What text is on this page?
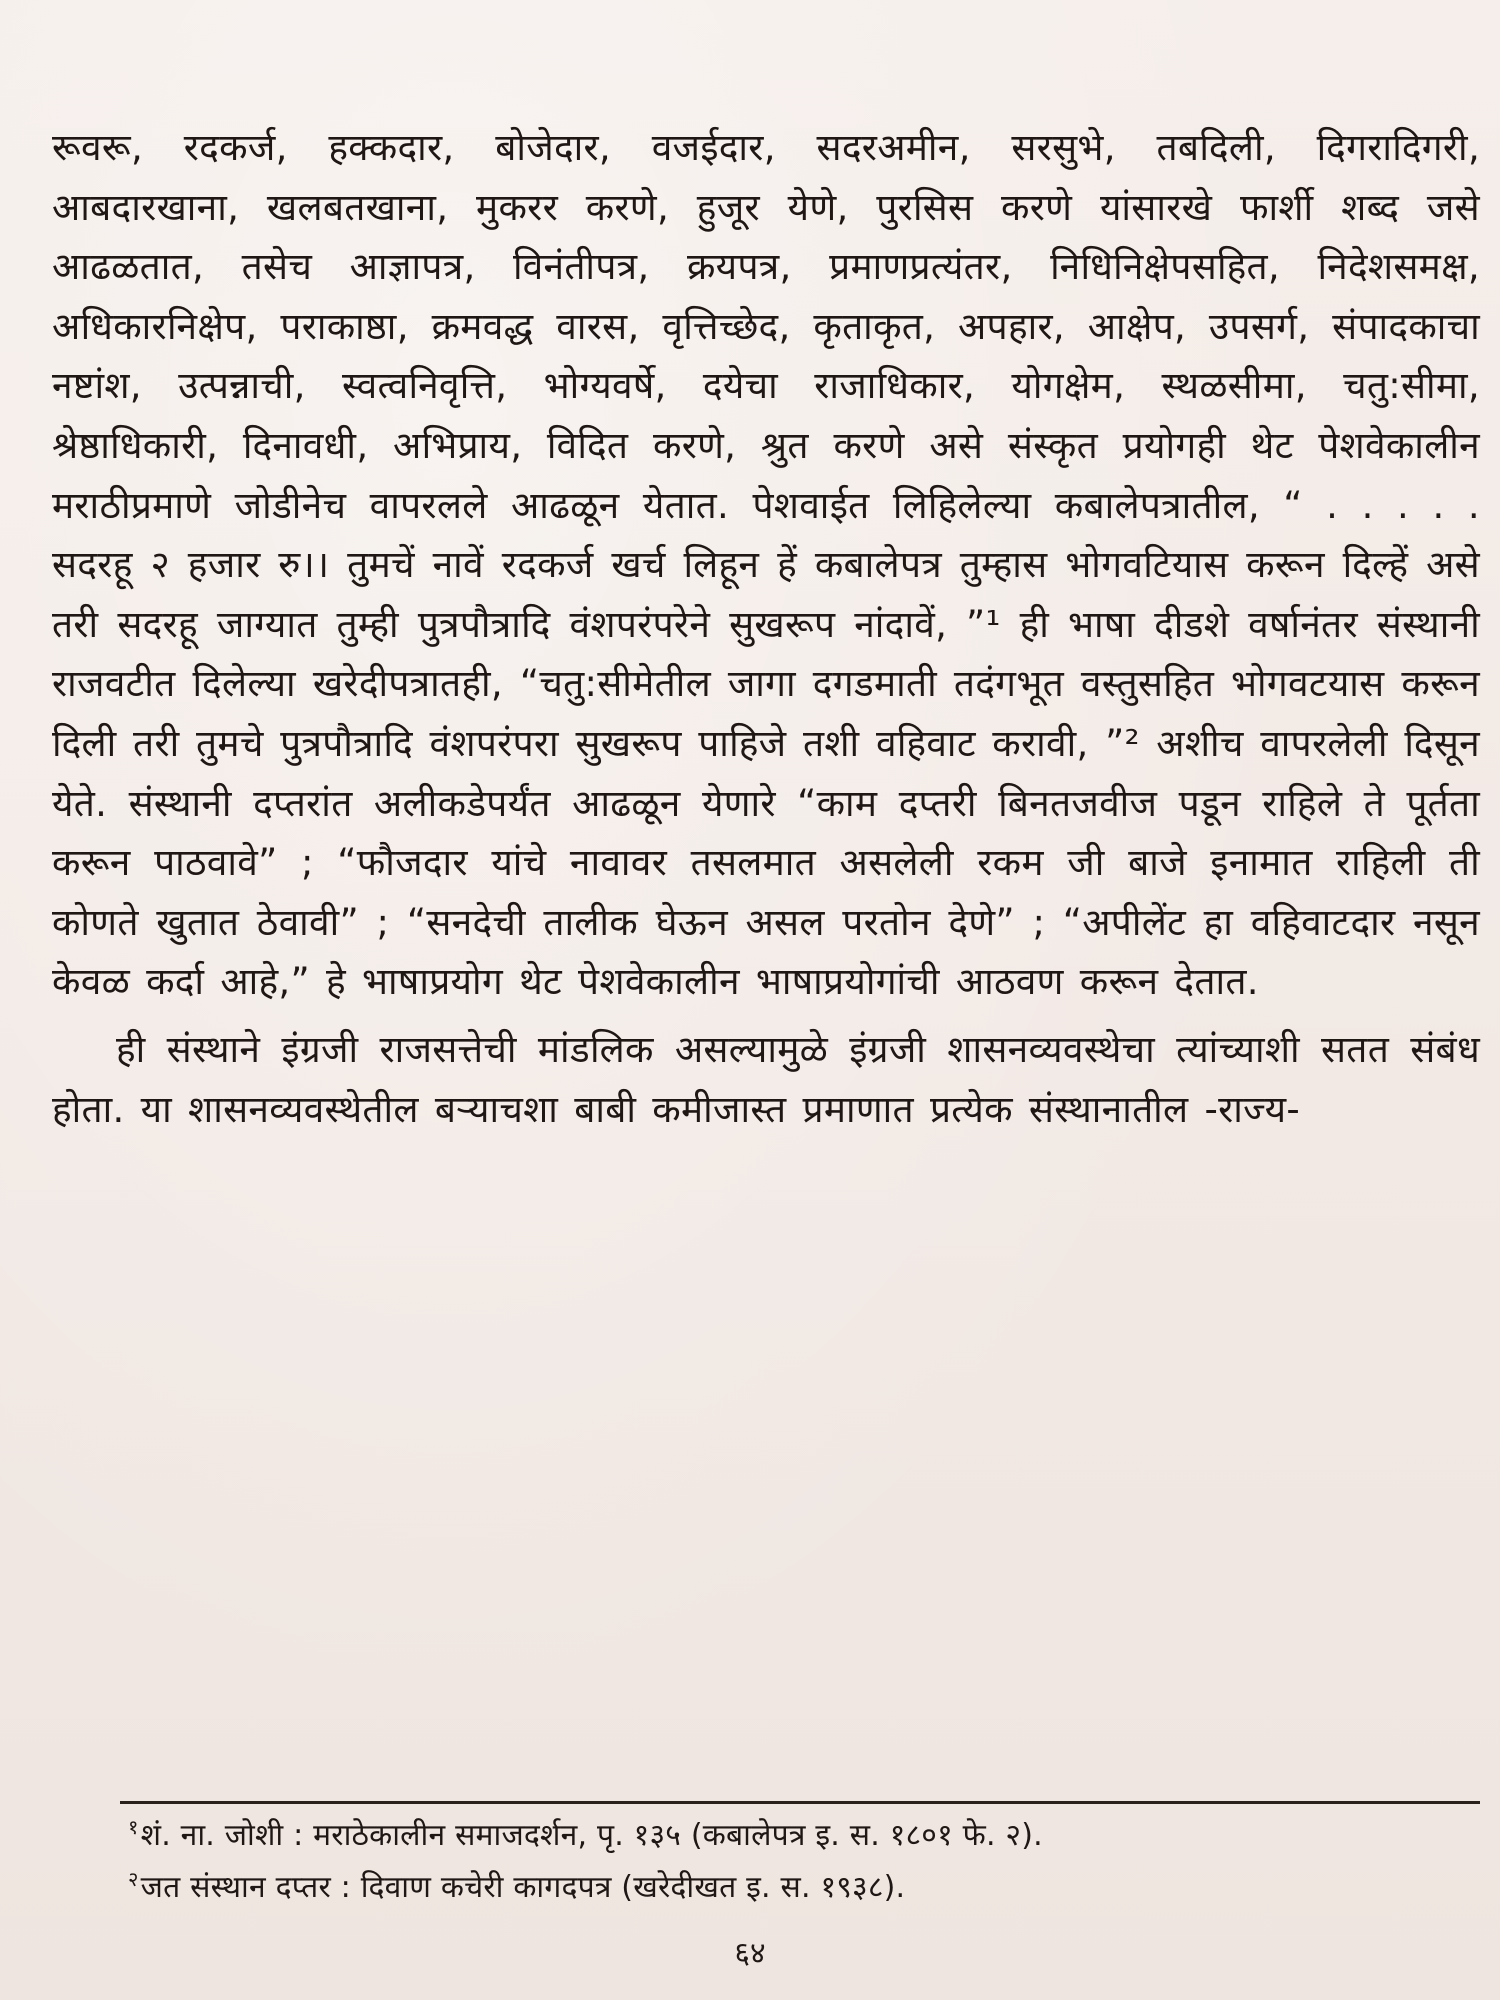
रूवरू, रदकर्ज, हक्कदार, बोजेदार, वजईदार, सदरअमीन, सरसुभे, तबदिली, दिगरादिगरी, आबदारखाना, खलबतखाना, मुकरर करणे, हुजूर येणे, पुरसिस करणे यांसारखे फार्शी शब्द जसे आढळतात, तसेच आज्ञापत्र, विनंतीपत्र, क्रयपत्र, प्रमाणप्रत्यंतर, निधिनिक्षेपसहित, निदेशसमक्ष, अधिकारनिक्षेप, पराकाष्ठा, क्रमवद्ध वारस, वृत्तिच्छेद, कृताकृत, अपहार, आक्षेप, उपसर्ग, संपादकाचा नष्टांश, उत्पन्नाची, स्वत्वनिवृत्ति, भोग्यवर्षे, दयेचा राजाधिकार, योगक्षेम, स्थळसीमा, चतु:सीमा, श्रेष्ठाधिकारी, दिनावधी, अभिप्राय, विदित करणे, श्रुत करणे असे संस्कृत प्रयोगही थेट पेशवेकालीन मराठीप्रमाणे जोडीनेच वापरलले आढळून येतात. पेशवाईत लिहिलेल्या कबालेपत्रातील, “ . . . . . सदरहू २ हजार रु।। तुमचें नावें रदकर्ज खर्च लिहून हें कबालेपत्र तुम्हास भोगवटियास करून दिल्हें असे तरी सदरहू जाग्यात तुम्ही पुत्रपौत्रादि वंशपरंपरेने सुखरूप नांदावें, ”¹ ही भाषा दीडशे वर्षानंतर संस्थानी राजवटीत दिलेल्या खरेदीपत्रातही, “चतु:सीमेतील जागा दगडमाती तदंगभूत वस्तुसहित भोगवटयास करून दिली तरी तुमचे पुत्रपौत्रादि वंशपरंपरा सुखरूप पाहिजे तशी वहिवाट करावी, ”² अशीच वापरलेली दिसून येते. संस्थानी दप्तरांत अलीकडेपर्यंत आढळून येणारे “काम दप्तरी बिनतजवीज पडून राहिले ते पूर्तता करून पाठवावे” ; “फौजदार यांचे नावावर तसलमात असलेली रकम जी बाजे इनामात राहिली ती कोणते खुतात ठेवावी” ; “सनदेची तालीक घेऊन असल परतोन देणे” ; “अपीलेंट हा वहिवाटदार नसून केवळ कर्दा आहे,” हे भाषाप्रयोग थेट पेशवेकालीन भाषाप्रयोगांची आठवण करून देतात.

ही संस्थाने इंग्रजी राजसत्तेची मांडलिक असल्यामुळे इंग्रजी शासनव्यवस्थेचा त्यांच्याशी सतत संबंध होता. या शासनव्यवस्थेतील बऱ्याचशा बाबी कमीजास्त प्रमाणात प्रत्येक संस्थानातील -राज्य-

$^१$शं. ना. जोशी : मराठेकालीन समाजदर्शन, पृ. १३५ (कबालेपत्र इ. स. १८०१ फे. २).

$^२$जत संस्थान दप्तर : दिवाण कचेरी कागदपत्र (खरेदीखत इ. स. १९३८).

६४
